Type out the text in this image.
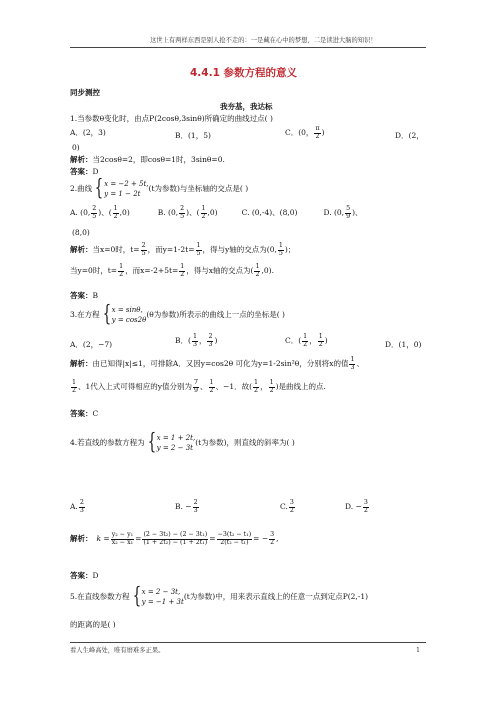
这世上有两样东西是别人抢不走的：一是藏在心中的梦想，二是读进大脑的知识！
4.4.1 参数方程的意义
同步测控
我夯基，我达标
1.当参数θ变化时，由点P(2cosθ,3sinθ)所确定的曲线过点( )
A．(2，3)	B．(1，5)	C．(0， $\frac{\pi}{2}$ )	D．(2，
0)
解析：当2cosθ=2，即cosθ=1时，3sinθ=0.
答案：D
2.曲线 { x = −2 + 5t,
y = 1 − 2t
(t为参数)与坐标轴的交点是( )
A. (0, $\frac{2}{5}$ )、( $\frac{1}{2} ,0$)	B. (0, $\frac{2}{5}$ )、( $\frac{1}{2} ,0$)	C. (0,-4)、(8,0)	D. (0, $\frac{5}{9}$ )、
(8,0)
解析： 当x=0时，$t= \frac{2}{5}$ ，而$y=1-2t= \frac{1}{5}$ ，得与y轴的交点为(0, $\frac{1}{5}$ )；
当y=0时，$t= \frac{1}{2}$ ，而$x=-2+5t= \frac{1}{2}$ ，得与x轴的交点为( $\frac{1}{2} ,0$).
答案：B
3.在方程 { x = sinθ,
y = cos2θ
(θ为参数)所表示的曲线上一点的坐标是( )
A．(2，−7)	B．( $\frac{1}{3}$ ， $\frac{2}{3}$ )	C．( $\frac{1}{2}$ ， $\frac{1}{2}$ )	D．(1，0)
解析： 由已知得|x|≤1，可排除A．又因y=cos2θ 可化为y=1-2sin²θ，分别将x的值 $\frac{1}{3}$ 、
$\frac{1}{2}$ 、1代入上式可得相应的y值分别为 $\frac{7}{9}$ 、 $\frac{1}{2}$ 、−1．故( $\frac{1}{2}$ ， $\frac{1}{2}$ )是曲线上的点.
答案：C
4.若直线的参数方程为 { x = 1 + 2t,
y = 2 − 3t
(t为参数)，则直线的斜率为( )
A. $\frac{2}{3}$	B. − $\frac{2}{3}$	C. $\frac{3}{2}$	D. − $\frac{3}{2}$
解析： $k = \frac{\text{y₂ − y₁}}{\text{x₂ − x₁}} = \frac{\text{(2 − 3t₂) − (2 − 3t₁)}}{\text{(1 + 2t₂) − (1 + 2t₁)}} = \frac{\text{−3(t₂ − t₁)}}{\text{2(t₂ − t₁)}}$ = − $\frac{3}{2}$ ,
答案：D
5.在直线参数方程 { x = 2 − 3t,
y = −1 + 3t
(t为参数)中，用来表示直线上的任意一点到定点P(2,-1)
的距离的是( )
看人生峰高处，唯有磨难多正果。	1
